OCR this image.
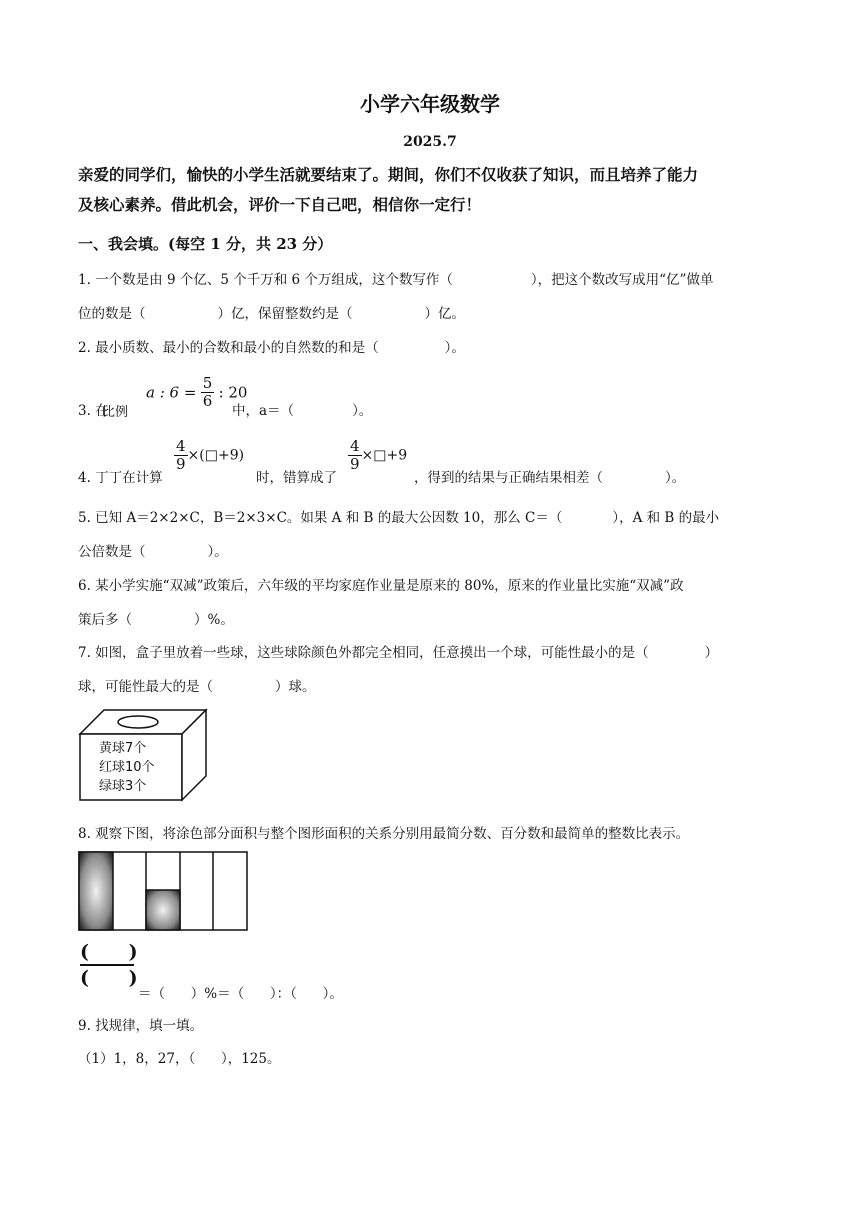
小学六年级数学
2025.7
亲爱的同学们，愉快的小学生活就要结束了。期间，你们不仅收获了知识，而且培养了能力
及核心素养。借此机会，评价一下自己吧，相信你一定行！
一、我会填。(每空 1 分，共 23 分）
1. 一个数是由 9 个亿、5 个千万和 6 个万组成，这个数写作（	），把这个数改写成用“亿”做单
位的数是（	）亿，保留整数约是（	）亿。
2. 最小质数、最小的合数和最小的自然数的和是（	）。
3. 在
比例
a : $6 = \frac{5}{6}$ : 20
中，a＝（	）。
4. 丁丁在计算
$\frac{4}{9}$ ×(□+9)
时，错算成了
$\frac{4}{9}$ ×□+9
，得到的结果与正确结果相差（	）。
5. 已知 A＝2×2×C，B＝2×3×C。如果 A 和 B 的最大公因数 10，那么 C＝（	），A 和 B 的最小
公倍数是（	）。
6. 某小学实施“双减”政策后，六年级的平均家庭作业量是原来的 80%，原来的作业量比实施“双减”政
策后多（	）%。
7. 如图，盒子里放着一些球，这些球除颜色外都完全相同，任意摸出一个球，可能性最小的是（	）
球，可能性最大的是（	）球。
黄球7个
红球10个
绿球3个
8. 观察下图，将涂色部分面积与整个图形面积的关系分别用最简分数、百分数和最简单的整数比表示。
(      )
(      )
＝（      ）%＝（      ）：（      ）。
9. 找规律，填一填。
（1）1，8，27，（      ），125。
